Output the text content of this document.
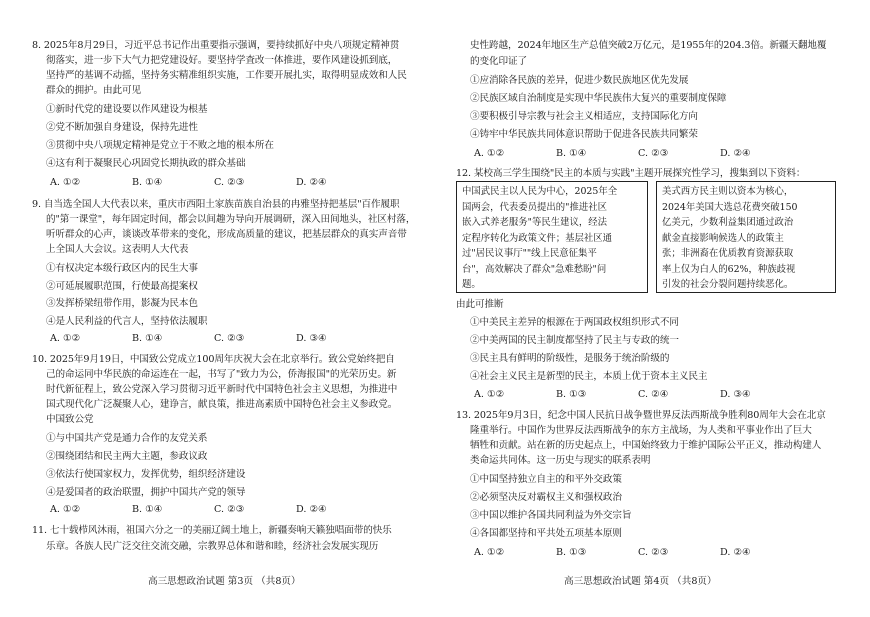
8. 2025年8月29日，习近平总书记作出重要指示强调，要持续抓好中央八项规定精神贯
彻落实，进一步下大气力把党建设好。要坚持学査改一体推进，要作风建设抓到底，
坚持严的基调不动摇，坚持务实精准组织实施，工作要开展扎实，取得明显成效和人民
群众的拥护。由此可见
①新时代党的建设要以作风建设为根基
②党不断加强自身建设，保持先进性
③贯彻中央八项规定精神是党立于不败之地的根本所在
④这有利于凝聚民心巩固党长期执政的群众基础
A. ①②	B. ①④	C. ②③	D. ②④
9. 自当选全国人大代表以来，重庆市西阳土家族苗族自治县的冉雅坚持把基层"百作履职
的"第一课堂"，每年固定时间，都会以间趣为导向开展调研，深入田间地头，社区村落，
听听群众的心声，谈谈改革带来的变化，形成高质量的建议，把基层群众的真实声音带
上全国人大会议。这表明人大代表
①有权决定本级行政区内的民生大事
②可延展履职范围，行使最高提案权
③发挥桥梁纽带作用，影凝为民本色
④是人民利益的代言人，坚持依法履职
A. ①②	B. ①④	C. ②③	D. ③④
10. 2025年9月19日，中国致公党成立100周年庆祝大会在北京举行。致公党始终把自
己的命运同中华民族的命运连在一起，书写了"致力为公，侨海报国"的光荣历史。新
时代新征程上，致公党深入学习贯彻习近平新时代中国特色社会主义思想，为推进中
国式现代化广泛凝聚人心，建诤言，献良策，推进高素质中国特色社会主义参政党。
中国致公党
①与中国共产党是通力合作的友党关系
②围绕团结和民主两大主题，参政议政
③依法行使国家权力，发挥优势，组织经济建设
④是爱国者的政治联盟，拥护中国共产党的领导
A. ①②	B. ①④	C. ②③	D. ②④
11. 七十载栉风沐雨，祖国六分之一的美丽辽阔土地上，新疆奏响天籁独唱面带的快乐
乐章。各族人民广泛交往交流交融，宗教界总体和谐和睦，经济社会发展实现历
高三思想政治试题 第3页 （共8页）
史性跨越，2024年地区生产总值突破2万亿元，是1955年的204.3倍。新疆天翻地覆
的变化印证了
①应消除各民族的差异，促进少数民族地区优先发展
②民族区域自治制度是实现中华民族伟大复兴的重要制度保障
③要积极引导宗教与社会主义相适应，支持国际化方向
④铸牢中华民族共同体意识帮助于促进各民族共同繁荣
A. ①②	B. ①④	C. ②③	D. ②④
12. 某校高三学生围绕"民主的本质与实践"主题开展探究性学习，搜集到以下资料：
中国武民主以人民为中心，2025年全
国两会，代表委员提出的"推进社区
嵌入式养老服务"等民生建议，经法
定程序转化为政策文件；基层社区通
过"居民议事厅""线上民意征集平
台"，高效解决了群众"急难愁盼"问
题。
美式西方民主则以资本为核心，
2024年美国大选总花费突破150
亿美元，少数利益集团通过政治
献金直接影响候选人的政策主
张；非洲裔在优质教育资源获取
率上仅为白人的62%，种族歧视
引发的社会分裂问题持续恶化。
由此可推断
①中美民主差异的根源在于两国政权组织形式不同
②中美两国的民主制度都坚持了民主与专政的统一
③民主具有鲜明的阶级性，是服务于统治阶级的
④社会主义民主是新型的民主，本质上优于资本主义民主
A. ①②	B. ①③	C. ②④	D. ③④
13. 2025年9月3日，纪念中国人民抗日战争暨世界反法西斯战争胜利80周年大会在北京
隆重举行。中国作为世界反法西斯战争的东方主战场，为人类和平事业作出了巨大
牺牲和贡献。站在新的历史起点上，中国始终致力于维护国际公平正义，推动构建人
类命运共同体。这一历史与现实的联系表明
①中国坚持独立自主的和平外交政策
②必须坚决反对霸权主义和强权政治
③中国以维护各国共同利益为外交宗旨
④各国都坚持和平共处五项基本原则
A. ①②	B. ①③	C. ②③	D. ②④
高三思想政治试题 第4页 （共8页）
